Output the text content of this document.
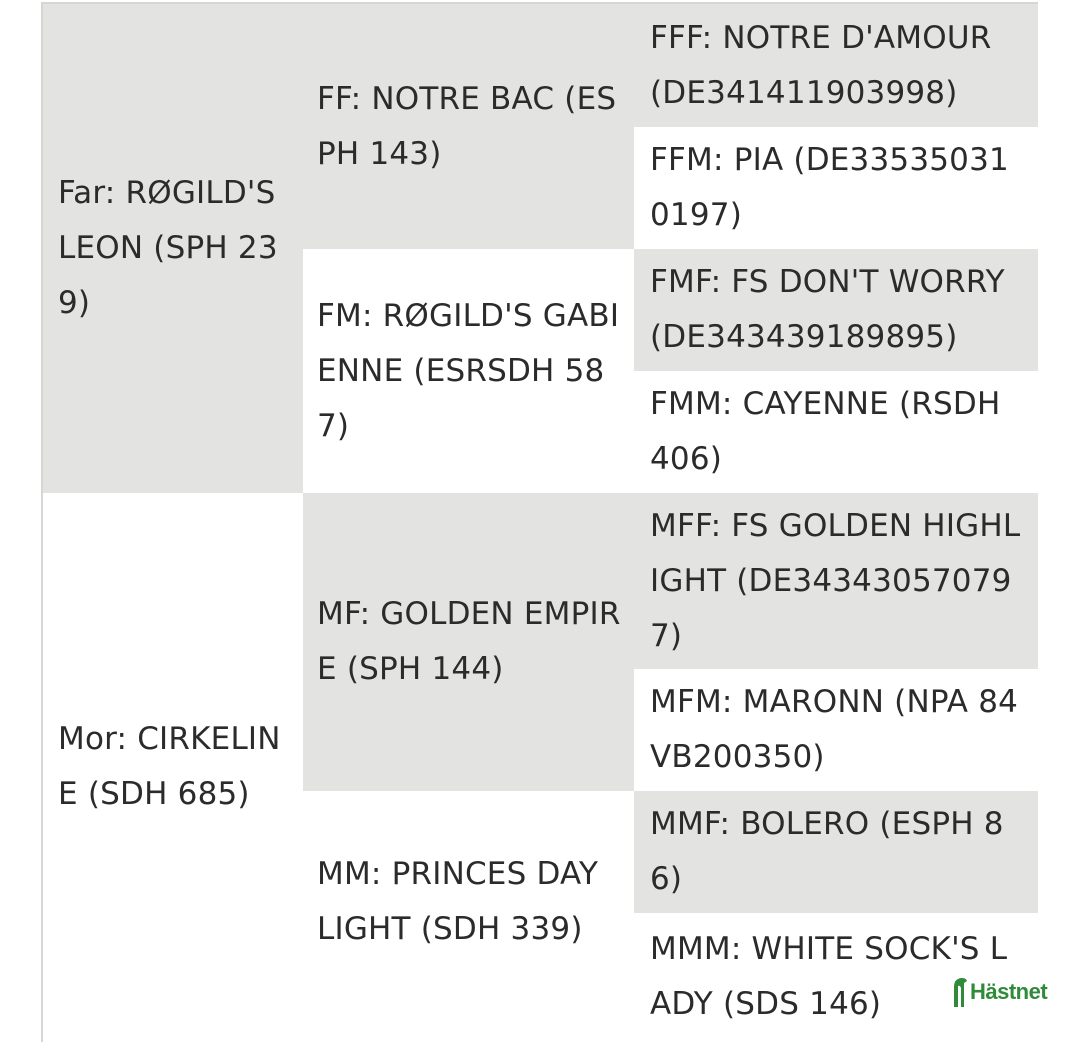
Far: RØGILD'S LEON (SPH 239)
Mor: CIRKELINE (SDH 685)
FF: NOTRE BAC (ESPH 143)
FM: RØGILD'S GABIENNE (ESRSDH 587)
MF: GOLDEN EMPIRE (SPH 144)
MM: PRINCES DAY LIGHT (SDH 339)
FFF: NOTRE D'AMOUR (DE341411903998)
FFM: PIA (DE335350310197)
FMF: FS DON'T WORRY (DE343439189895)
FMM: CAYENNE (RSDH 406)
MFF: FS GOLDEN HIGHLIGHT (DE343430570797)
MFM: MARONN (NPA 84VB200350)
MMF: BOLERO (ESPH 86)
MMM: WHITE SOCK'S LADY (SDS 146)	Hästnet
